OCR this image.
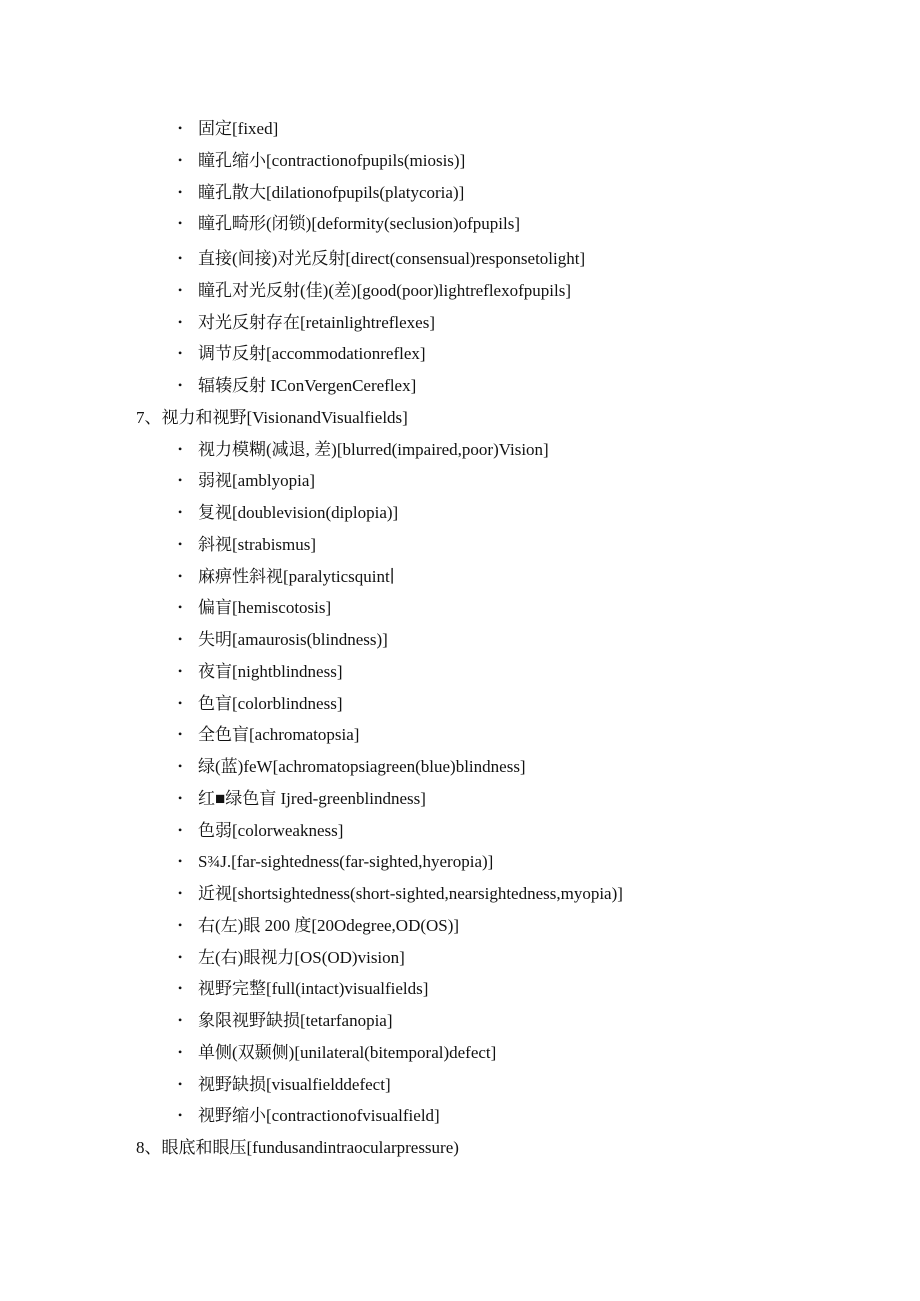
• 固定[fixed]
• 瞳孔缩小[contractionofpupils(miosis)]
• 瞳孔散大[dilationofpupils(platycoria)]
• 瞳孔畸形(闭锁)[deformity(seclusion)ofpupils]
• 直接(间接)对光反射[direct(consensual)responsetolight]
• 瞳孔对光反射(佳)(差)[good(poor)lightreflexofpupils]
• 对光反射存在[retainlightreflexes]
• 调节反射[accommodationreflex]
• 辐辏反射 IConVergenCereflex]
7、视力和视野[VisionandVisualfields]
• 视力模糊(减退, 差)[blurred(impaired,poor)Vision]
• 弱视[amblyopia]
• 复视[doublevision(diplopia)]
• 斜视[strabismus]
• 麻痹性斜视[paralyticsquint∣
• 偏盲[hemiscotosis]
• 失明[amaurosis(blindness)]
• 夜盲[nightblindness]
• 色盲[colorblindness]
• 全色盲[achromatopsia]
• 绿(蓝)feW[achromatopsiagreen(blue)blindness]
• 红■绿色盲 Ijred-greenblindness]
• 色弱[colorweakness]
• S¾J.[far-sightedness(far-sighted,hyeropia)]
• 近视[shortsightedness(short-sighted,nearsightedness,myopia)]
• 右(左)眼 200 度[20Odegree,OD(OS)]
• 左(右)眼视力[OS(OD)vision]
• 视野完整[full(intact)visualfields]
• 象限视野缺损[tetarfanopia]
• 单侧(双颞侧)[unilateral(bitemporal)defect]
• 视野缺损[visualfielddefect]
• 视野缩小[contractionofvisualfield]
8、眼底和眼压[fundusandintraocularpressure)
